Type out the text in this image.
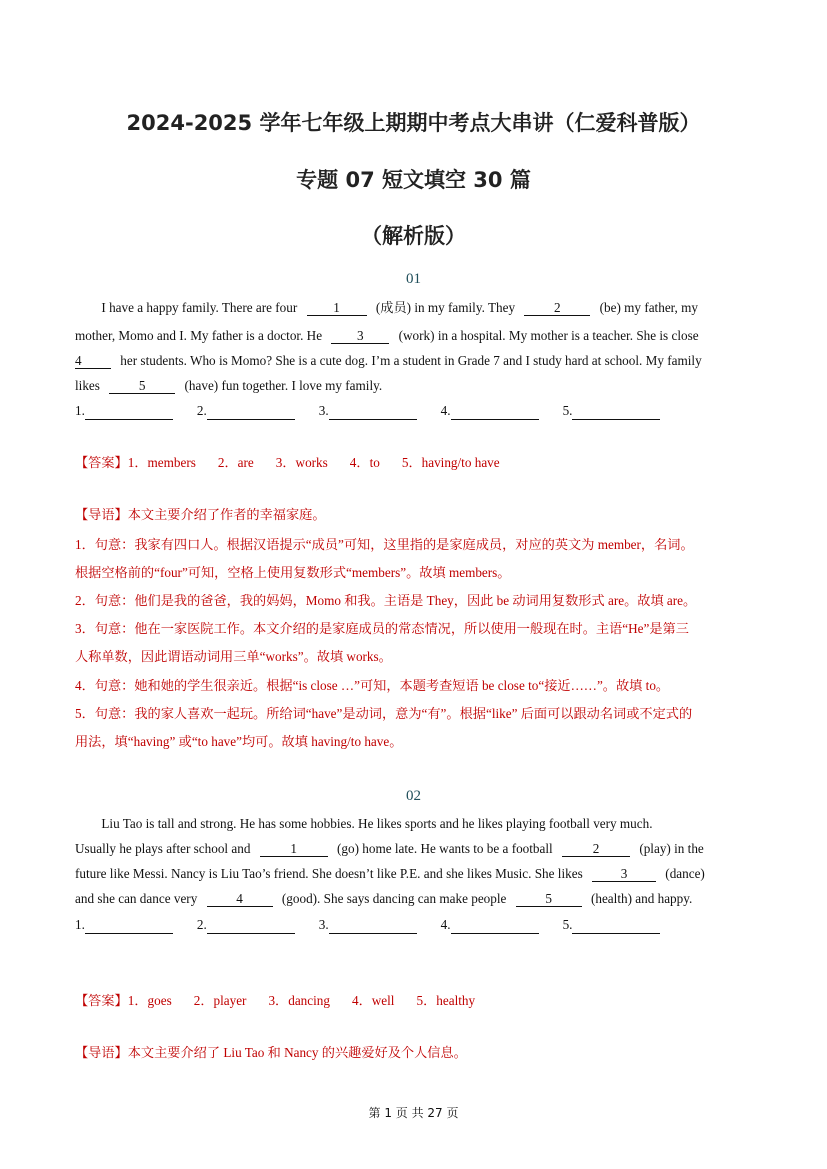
2024-2025 学年七年级上期期中考点大串讲（仁爱科普版）
专题 07 短文填空 30 篇
（解析版）
01
　　I have a happy family. There are four 1 (成员) in my family. They	2	(be) my father, my
mother, Momo and I. My father is a doctor. He 3 (work) in a hospital. My mother is a teacher. She is close
4	her students. Who is Momo? She is a cute dog. I’m a student in Grade 7 and I study hard at school. My family
likes	5	(have) fun together. I love my family.
1.	2.	3.	4.	5.
【答案】1．members 2．are 3．works 4．to 5．having/to have
【导语】本文主要介绍了作者的幸福家庭。
1．句意：我家有四口人。根据汉语提示“成员”可知，这里指的是家庭成员，对应的英文为 member，名词。
根据空格前的“four”可知，空格上使用复数形式“members”。故填 members。
2．句意：他们是我的爸爸，我的妈妈，Momo 和我。主语是 They，因此 be 动词用复数形式 are。故填 are。
3．句意：他在一家医院工作。本文介绍的是家庭成员的常态情况，所以使用一般现在时。主语“He”是第三
人称单数，因此谓语动词用三单“works”。故填 works。
4．句意：她和她的学生很亲近。根据“is close …”可知，本题考查短语 be close to“接近……”。故填 to。
5．句意：我的家人喜欢一起玩。所给词“have”是动词，意为“有”。根据“like” 后面可以跟动名词或不定式的
用法，填“having” 或“to have”均可。故填 having/to have。
02
　　Liu Tao is tall and strong. He has some hobbies. He likes sports and he likes playing football very much.
Usually he plays after school and	1	(go) home late. He wants to be a football	2	(play) in the
future like Messi. Nancy is Liu Tao’s friend. She doesn’t like P.E. and she likes Music. She likes	3	(dance)
and she can dance very	4	(good). She says dancing can make people	5	(health) and happy.
1.	2.	3.	4.	5.
【答案】1．goes 2．player 3．dancing 4．well 5．healthy
【导语】本文主要介绍了 Liu Tao 和 Nancy 的兴趣爱好及个人信息。
第 1 页 共 27 页
